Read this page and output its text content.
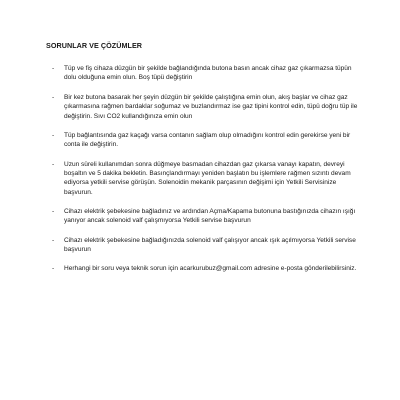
SORUNLAR VE ÇÖZÜMLER
-	Tüp ve fiş cihaza düzgün bir şekilde bağlandığında butona basın ancak cihaz gaz çıkarmazsa tüpün dolu olduğuna emin olun. Boş tüpü değiştirin
-	Bir kez butona basarak her şeyin düzgün bir şekilde çalıştığına emin olun, akış başlar ve cihaz gaz çıkarmasına rağmen bardaklar soğumaz ve buzlandırmaz ise gaz tipini kontrol edin, tüpü doğru tüp ile değiştirin. Sıvı CO2 kullandığınıza emin olun
-	Tüp bağlantısında gaz kaçağı varsa contanın sağlam olup olmadığını kontrol edin gerekirse yeni bir conta ile değiştirin.
-	Uzun süreli kullanımdan sonra düğmeye basmadan cihazdan gaz çıkarsa vanayı kapatın, devreyi boşaltın ve 5 dakika bekletin. Basınçlandırmayı yeniden başlatın bu işlemlere rağmen sızıntı devam ediyorsa yetkili servise görüşün. Solenoidin mekanik parçasının değişimi için Yetkili Servisinize başvurun.
-	Cihazı elektrik şebekesine bağladınız ve ardından Açma/Kapama butonuna bastığınızda cihazın ışığı yanıyor ancak solenoid valf çalışmıyorsa Yetkili servise başvurun
-	Cihazı elektrik şebekesine bağladığınızda solenoid valf çalışıyor ancak ışık açılmıyorsa Yetkili servise başvurun
-	Herhangi bir soru veya teknik sorun için acarkurubuz@gmail.com adresine e-posta gönderilebilirsiniz.
